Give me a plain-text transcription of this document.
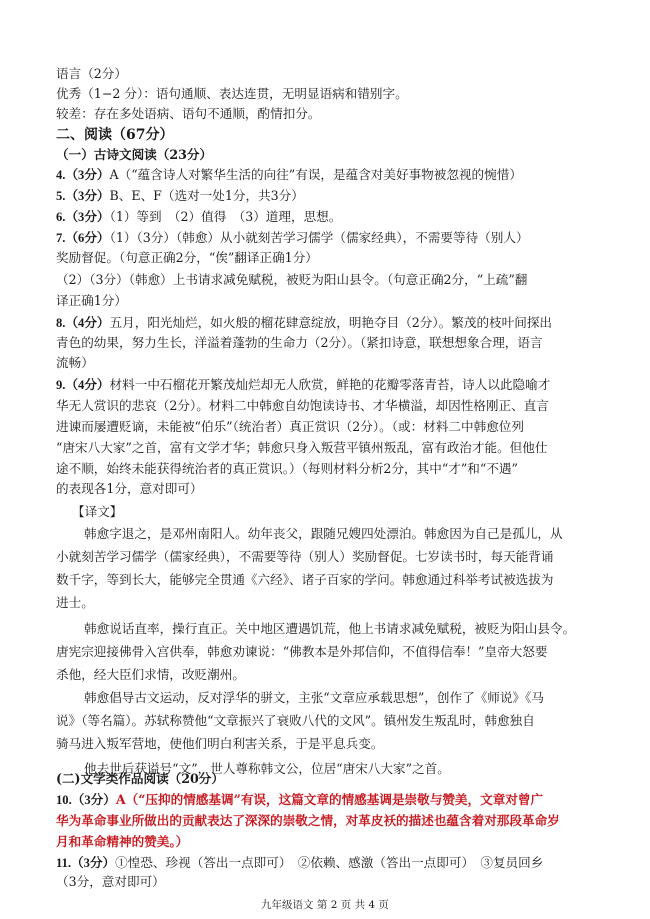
语言（2分）
优秀（1−2 分）：语句通顺、表达连贯，无明显语病和错别字。
较差：存在多处语病、语句不通顺，酌情扣分。
二、阅读（67分）
（一）古诗文阅读（23分）
4.（3分）A（“蕴含诗人对繁华生活的向往”有误，是蕴含对美好事物被忽视的惋惜）
5.（3分）B、E、F（选对一处1分，共3分）
6.（3分）（1）等到　（2）值得　（3）道理，思想。
7.（6分）（1）（3分）（韩愈）从小就刻苦学习儒学（儒家经典），不需要等待（别人）
奖励督促。（句意正确2分，“俟”翻译正确1分）
（2）（3分）（韩愈）上书请求减免赋税，被贬为阳山县令。（句意正确2分，“上疏”翻
译正确1分）
8.（4分）五月，阳光灿烂，如火般的榴花肆意绽放，明艳夺目（2分）。繁茂的枝叶间探出
青色的幼果，努力生长，洋溢着蓬勃的生命力（2分）。（紧扣诗意，联想想象合理，语言
流畅）
9.（4分）材料一中石榴花开繁茂灿烂却无人欣赏，鲜艳的花瓣零落青苔，诗人以此隐喻才
华无人赏识的悲哀（2分）。材料二中韩愈自幼饱读诗书、才华横溢，却因性格刚正、直言
进谏而屡遭贬谪，未能被“伯乐”（统治者）真正赏识（2分）。（或：材料二中韩愈位列
“唐宋八大家”之首，富有文学才华；韩愈只身入叛营平镇州叛乱，富有政治才能。但他仕
途不顺，始终未能获得统治者的真正赏识。）（每则材料分析2分，其中“才”和“不遇”
的表现各1分，意对即可）
【译文】
韩愈字退之，是邓州南阳人。幼年丧父，跟随兄嫂四处漂泊。韩愈因为自己是孤儿，从
小就刻苦学习儒学（儒家经典），不需要等待（别人）奖励督促。七岁读书时，每天能背诵
数千字，等到长大，能够完全贯通《六经》、诸子百家的学问。韩愈通过科举考试被选拔为
进士。
韩愈说话直率，操行直正。关中地区遭遇饥荒，他上书请求减免赋税，被贬为阳山县令。
唐宪宗迎接佛骨入宫供奉，韩愈劝谏说：“佛教本是外邦信仰，不值得信奉！”皇帝大怒要
杀他，经大臣们求情，改贬潮州。
韩愈倡导古文运动，反对浮华的骈文，主张“文章应承载思想”，创作了《师说》《马
说》（等名篇）。苏轼称赞他“文章振兴了衰败八代的文风”。镇州发生叛乱时，韩愈独自
骑马进入叛军营地，使他们明白利害关系，于是平息兵变。
他去世后获谥号“文”，世人尊称韩文公，位居“唐宋八大家”之首。
(二)文学类作品阅读（20分）
10.（3分）A（“压抑的情感基调”有误，这篇文章的情感基调是崇敬与赞美，文章对曾广
华为革命事业所做出的贡献表达了深深的崇敬之情，对革皮袄的描述也蕴含着对那段革命岁
月和革命精神的赞美。）
九年级语文 第 2 页 共 4 页
11.（3分）①惶恐、珍视（答出一点即可）　②依赖、感激（答出一点即可）　③复员回乡
（3分，意对即可）
